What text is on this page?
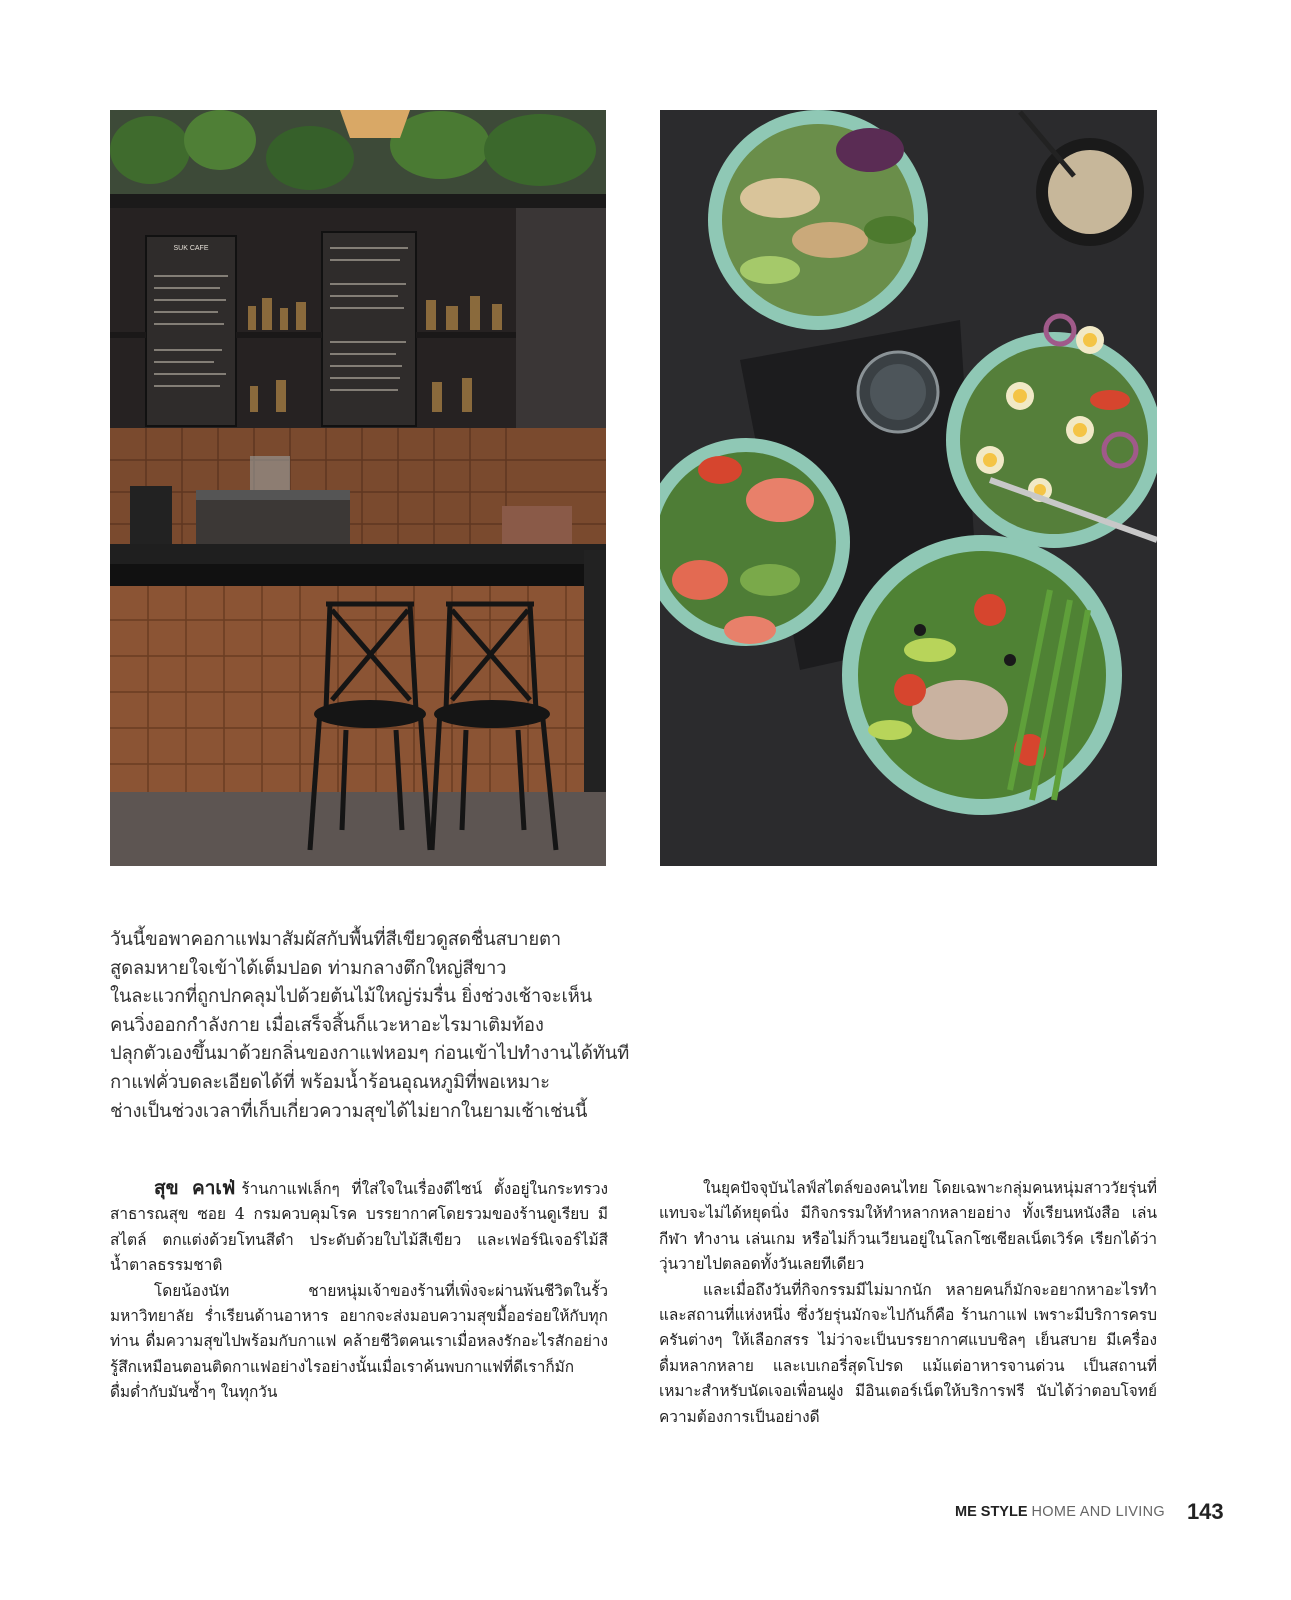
SUK CAFE

วันนี้ขอพาคอกาแฟมาสัมผัสกับพื้นที่สีเขียวดูสดชื่นสบายตา

สูดลมหายใจเข้าได้เต็มปอด ท่ามกลางตึกใหญ่สีขาว

ในละแวกที่ถูกปกคลุมไปด้วยต้นไม้ใหญ่ร่มรื่น ยิ่งช่วงเช้าจะเห็น

คนวิ่งออกกำลังกาย เมื่อเสร็จสิ้นก็แวะหาอะไรมาเติมท้อง

ปลุกตัวเองขึ้นมาด้วยกลิ่นของกาแฟหอมๆ ก่อนเข้าไปทำงานได้ทันที

กาแฟคั่วบดละเอียดได้ที่ พร้อมน้ำร้อนอุณหภูมิที่พอเหมาะ

ช่างเป็นช่วงเวลาที่เก็บเกี่ยวความสุขได้ไม่ยากในยามเช้าเช่นนี้

สุข คาเฟ่ ร้านกาแฟเล็กๆ ที่ใส่ใจในเรื่องดีไซน์ ตั้งอยู่ในกระทรวงสาธารณสุข ซอย 4 กรมควบคุมโรค บรรยากาศโดยรวมของร้านดูเรียบ มีสไตล์ ตกแต่งด้วยโทนสีดำ ประดับด้วยใบไม้สีเขียว และเฟอร์นิเจอร์ไม้สีน้ำตาลธรรมชาติ

โดยน้องนัท ชายหนุ่มเจ้าของร้านที่เพิ่งจะผ่านพ้นชีวิตในรั้วมหาวิทยาลัย ร่ำเรียนด้านอาหาร อยากจะส่งมอบความสุขมื้ออร่อยให้กับทุกท่าน ดื่มความสุขไปพร้อมกับกาแฟ คล้ายชีวิตคนเราเมื่อหลงรักอะไรสักอย่าง รู้สึกเหมือนตอนติดกาแฟอย่างไรอย่างนั้นเมื่อเราค้นพบกาแฟที่ดีเราก็มักดื่มด่ำกับมันซ้ำๆ ในทุกวัน

ในยุคปัจจุบันไลฟ์สไตล์ของคนไทย โดยเฉพาะกลุ่มคนหนุ่มสาววัยรุ่นที่แทบจะไม่ได้หยุดนิ่ง มีกิจกรรมให้ทำหลากหลายอย่าง ทั้งเรียนหนังสือ เล่นกีฬา ทำงาน เล่นเกม หรือไม่ก็วนเวียนอยู่ในโลกโซเชียลเน็ตเวิร์ค เรียกได้ว่าวุ่นวายไปตลอดทั้งวันเลยทีเดียว

และเมื่อถึงวันที่กิจกรรมมีไม่มากนัก หลายคนก็มักจะอยากหาอะไรทำ และสถานที่แห่งหนึ่ง ซึ่งวัยรุ่นมักจะไปกันก็คือ ร้านกาแฟ เพราะมีบริการครบครันต่างๆ ให้เลือกสรร ไม่ว่าจะเป็นบรรยากาศแบบชิลๆ เย็นสบาย มีเครื่องดื่มหลากหลาย และเบเกอรี่สุดโปรด แม้แต่อาหารจานด่วน เป็นสถานที่เหมาะสำหรับนัดเจอเพื่อนฝูง มีอินเตอร์เน็ตให้บริการฟรี นับได้ว่าตอบโจทย์ความต้องการเป็นอย่างดี

ME STYLE HOME AND LIVING 143
